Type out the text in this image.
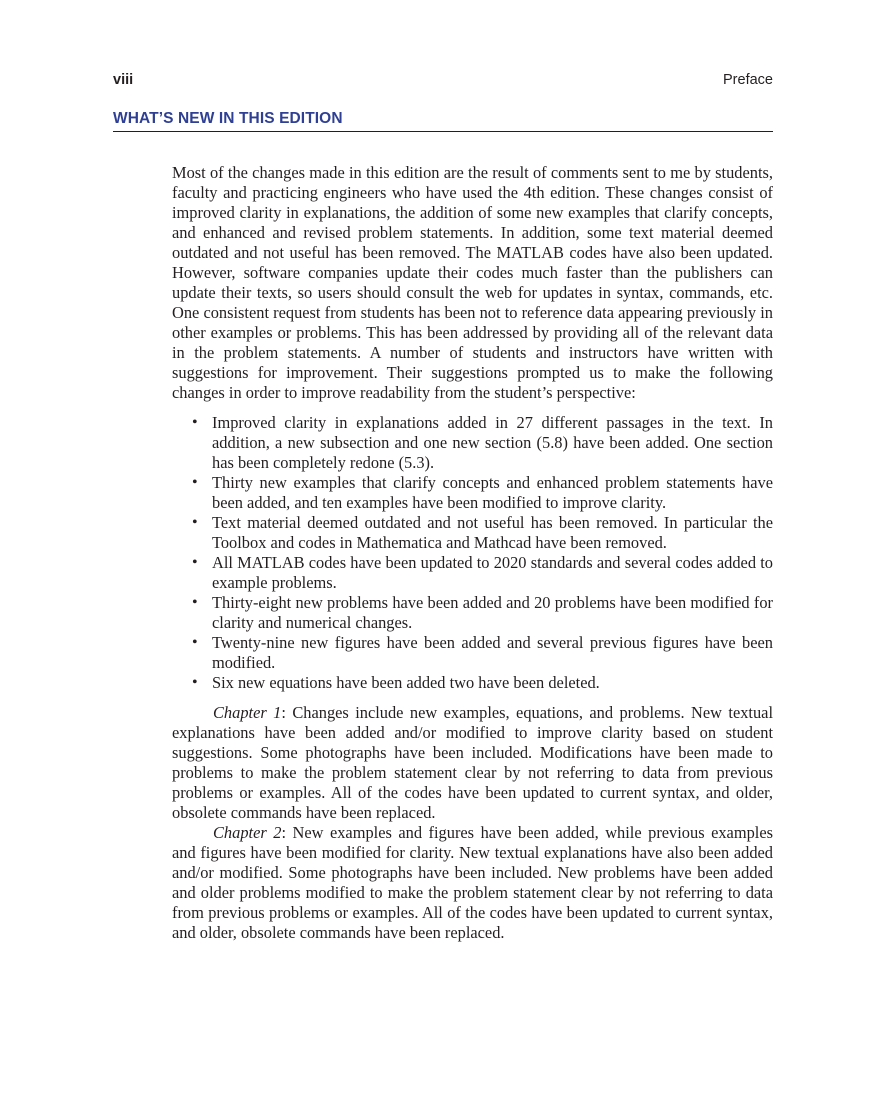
viii	Preface
WHAT’S NEW IN THIS EDITION

Most of the changes made in this edition are the result of comments sent to me by students, faculty and practicing engineers who have used the 4th edition. These changes consist of improved clarity in explanations, the addition of some new examples that clarify concepts, and enhanced and revised problem statements. In addition, some text material deemed outdated and not useful has been removed. The MATLAB codes have also been updated. However, software companies update their codes much faster than the publishers can update their texts, so users should consult the web for updates in syntax, commands, etc. One consistent request from students has been not to reference data appearing previously in other examples or problems. This has been addressed by providing all of the relevant data in the problem statements. A number of students and instructors have written with suggestions for improvement. Their suggestions prompted us to make the following changes in order to improve readability from the student’s perspective:

• Improved clarity in explanations added in 27 different passages in the text. In addition, a new subsection and one new section (5.8) have been added. One section has been completely redone (5.3).
• Thirty new examples that clarify concepts and enhanced problem statements have been added, and ten examples have been modified to improve clarity.
• Text material deemed outdated and not useful has been removed. In particular the Toolbox and codes in Mathematica and Mathcad have been removed.
• All MATLAB codes have been updated to 2020 standards and several codes added to example problems.
• Thirty-eight new problems have been added and 20 problems have been modified for clarity and numerical changes.
• Twenty-nine new figures have been added and several previous figures have been modified.
• Six new equations have been added two have been deleted.

Chapter 1: Changes include new examples, equations, and problems. New textual explanations have been added and/or modified to improve clarity based on student suggestions. Some photographs have been included. Modifications have been made to problems to make the problem statement clear by not referring to data from previous problems or examples. All of the codes have been updated to current syntax, and older, obsolete commands have been replaced.

Chapter 2: New examples and figures have been added, while previous examples and figures have been modified for clarity. New textual explanations have also been added and/or modified. Some photographs have been included. New problems have been added and older problems modified to make the problem statement clear by not referring to data from previous problems or examples. All of the codes have been updated to current syntax, and older, obsolete commands have been replaced.
